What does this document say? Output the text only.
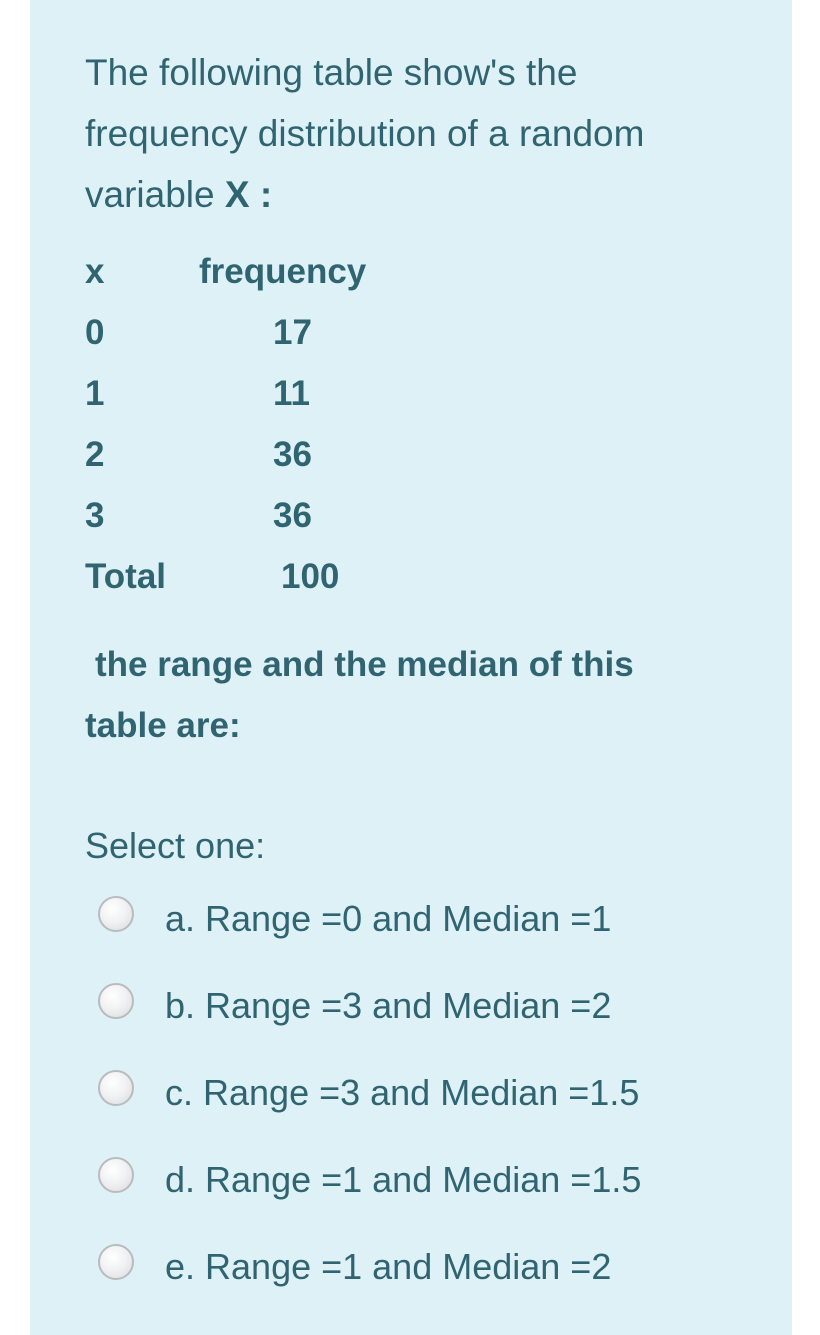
The following table show's the
frequency distribution of a random
variable X :
x	frequency
0	17
1	11
2	36
3	36
Total	100
the range and the median of this
table are:
Select one:
a. Range =0 and Median =1
b. Range =3 and Median =2
c. Range =3 and Median =1.5
d. Range =1 and Median =1.5
e. Range =1 and Median =2
